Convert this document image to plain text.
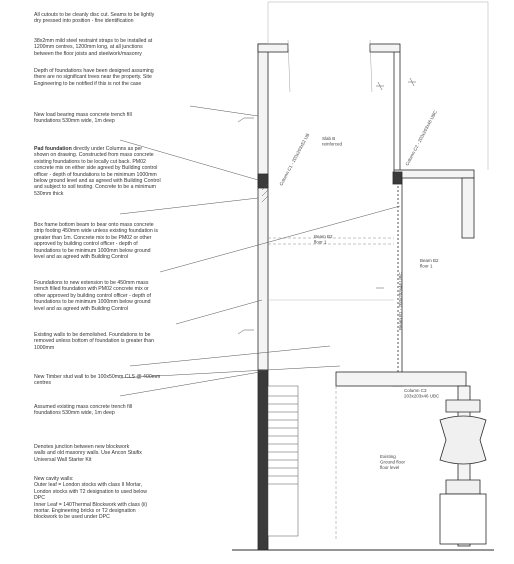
All cutouts to be cleanly disc cut. Seams to be lightly
dry pressed into position - fine identification
38x2mm mild steel restraint straps to be installed at
1200mm centres, 1200mm long, at all junctions
between the floor joists and steelwork/masonry
Depth of foundations have been designed assuming
there are no significant trees near the property. Site
Engineering to be notified if this is not the case
New load bearing mass concrete trench fill
foundations 530mm wide, 1m deep
Pad foundation directly under Columns as per
shown on drawing. Constructed from mass concrete
existing foundations to be locally cut back. PM02
concrete mix on either side agreed by Building control
officer - depth of foundations to be minimum 1000mm
below ground level and as agreed with Building Control
and subject to soil testing. Concrete to be a minimum
530mm thick
Box frame bottom beam to bear onto mass concrete
strip footing 450mm wide unless existing foundation is
greater than 1m. Concrete mix to be PM02 or other
approved by building control officer - depth of
foundations to be minimum 1000mm below ground
level and as agreed with Building Control
Foundations to new extension to be 450mm mass
trench filled foundation with PM02 concrete mix or
other approved by building control officer - depth of
foundations to be minimum 1000mm below ground
level and as agreed with Building Control
Existing walls to be demolished. Foundations to be
removed unless bottom of foundation is greater than
1000mm
New Timber stud wall to be 100x50mm CLS @ 400mm
centres
Assumed existing mass concrete trench fill
foundations 530mm wide, 1m deep
Denotes junction between new blockwork
walls and old masonry walls. Use Ancon Staifix
Universal Wall Starter Kit
New cavity walls:
Outer leaf = London stocks with class II Mortar,
London stocks with T2 designation to used below
DPC
Inner Leaf = 140Thermal Blockwork with class (ii)
mortar. Engineering bricks or T2 designation
blockwork to be used under DPC
Column C1 - 203x203x52 UB	Column C2 - 203x203x46 UBC
Beam B1 - 203x203x46 UBC
Column C3 203x203x46 UBC
Slab B reinforced
Beam B2 floor 1
Beam B2 floor 1
Existing Ground floor floor level
